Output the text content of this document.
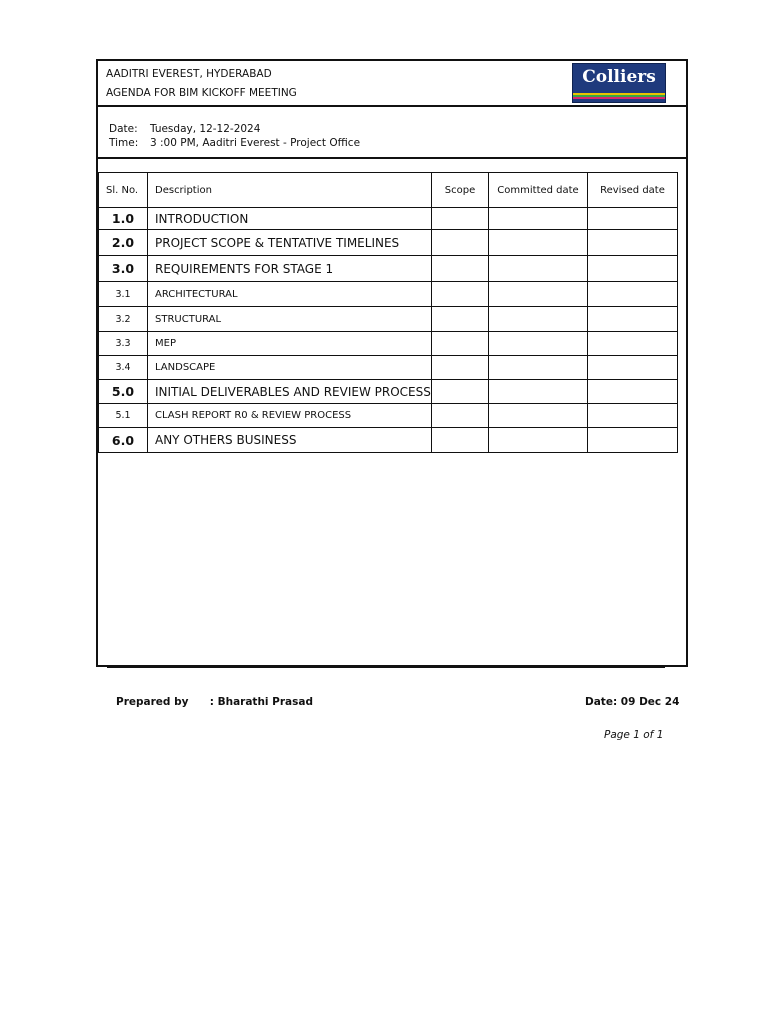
AADITRI EVEREST, HYDERABAD
AGENDA FOR BIM KICKOFF MEETING
Colliers
Date: Tuesday, 12-12-2024
Time: 3 :00 PM, Aaditri Everest - Project Office
Sl. No.	Description	Scope	Committed date	Revised date
1.0	INTRODUCTION			
2.0	PROJECT SCOPE & TENTATIVE TIMELINES			
3.0	REQUIREMENTS FOR STAGE 1			
3.1	ARCHITECTURAL			
3.2	STRUCTURAL			
3.3	MEP			
3.4	LANDSCAPE			
5.0	INITIAL DELIVERABLES AND REVIEW PROCESS			
5.1	CLASH REPORT R0 & REVIEW PROCESS			
6.0	ANY OTHERS BUSINESS			
Prepared by : Bharathi Prasad	Date: 09 Dec 24
Page 1 of 1
